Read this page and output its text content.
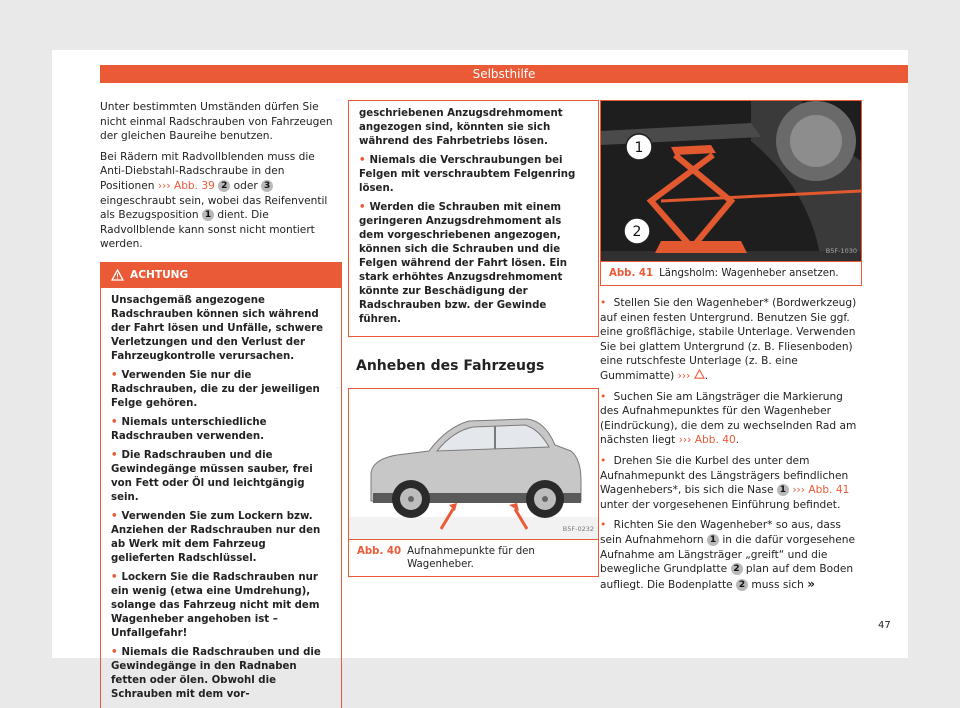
Selbsthilfe

Unter bestimmten Umständen dürfen Sie nicht einmal Radschrauben von Fahrzeugen der gleichen Baureihe benutzen.

Bei Rädern mit Radvollblenden muss die Anti-Diebstahl-Radschraube in den Positionen ››› Abb. 39 2 oder 3 eingeschraubt sein, wobei das Reifenventil als Bezugsposition 1 dient. Die Radvollblende kann sonst nicht montiert werden.

ACHTUNG

Unsachgemäß angezogene Radschrauben können sich während der Fahrt lösen und Unfälle, schwere Verletzungen und den Verlust der Fahrzeugkontrolle verursachen.

• Verwenden Sie nur die Radschrauben, die zu der jeweiligen Felge gehören.

• Niemals unterschiedliche Radschrauben verwenden.

• Die Radschrauben und die Gewindegänge müssen sauber, frei von Fett oder Öl und leichtgängig sein.

• Verwenden Sie zum Lockern bzw. Anziehen der Radschrauben nur den ab Werk mit dem Fahrzeug gelieferten Radschlüssel.

• Lockern Sie die Radschrauben nur ein wenig (etwa eine Umdrehung), solange das Fahrzeug nicht mit dem Wagenheber angehoben ist – Unfallgefahr!

• Niemals die Radschrauben und die Gewindegänge in den Radnaben fetten oder ölen. Obwohl die Schrauben mit dem vor-

geschriebenen Anzugsdrehmoment angezogen sind, könnten sie sich während des Fahrbetriebs lösen.

• Niemals die Verschraubungen bei Felgen mit verschraubtem Felgenring lösen.

• Werden die Schrauben mit einem geringeren Anzugsdrehmoment als dem vorgeschriebenen angezogen, können sich die Schrauben und die Felgen während der Fahrt lösen. Ein stark erhöhtes Anzugsdrehmoment könnte zur Beschädigung der Radschrauben bzw. der Gewinde führen.

Anheben des Fahrzeugs
B5F-0232
Abb. 40 Aufnahmepunkte für den Wagenheber.
1
2
B5F-1030
Abb. 41 Längsholm: Wagenheber ansetzen.

• Stellen Sie den Wagenheber* (Bordwerkzeug) auf einen festen Untergrund. Benutzen Sie ggf. eine großflächige, stabile Unterlage. Verwenden Sie bei glattem Untergrund (z. B. Fliesenboden) eine rutschfeste Unterlage (z. B. eine Gummimatte) ››› .

• Suchen Sie am Längsträger die Markierung des Aufnahmepunktes für den Wagenheber (Eindrückung), die dem zu wechselnden Rad am nächsten liegt ››› Abb. 40.

• Drehen Sie die Kurbel des unter dem Aufnahmepunkt des Längsträgers befindlichen Wagenhebers*, bis sich die Nase 1 ››› Abb. 41 unter der vorgesehenen Einführung befindet.

• Richten Sie den Wagenheber* so aus, dass sein Aufnahmehorn 1 in die dafür vorgesehene Aufnahme am Längsträger „greift“ und die bewegliche Grundplatte 2 plan auf dem Boden aufliegt. Die Bodenplatte 2 muss sich »

47
